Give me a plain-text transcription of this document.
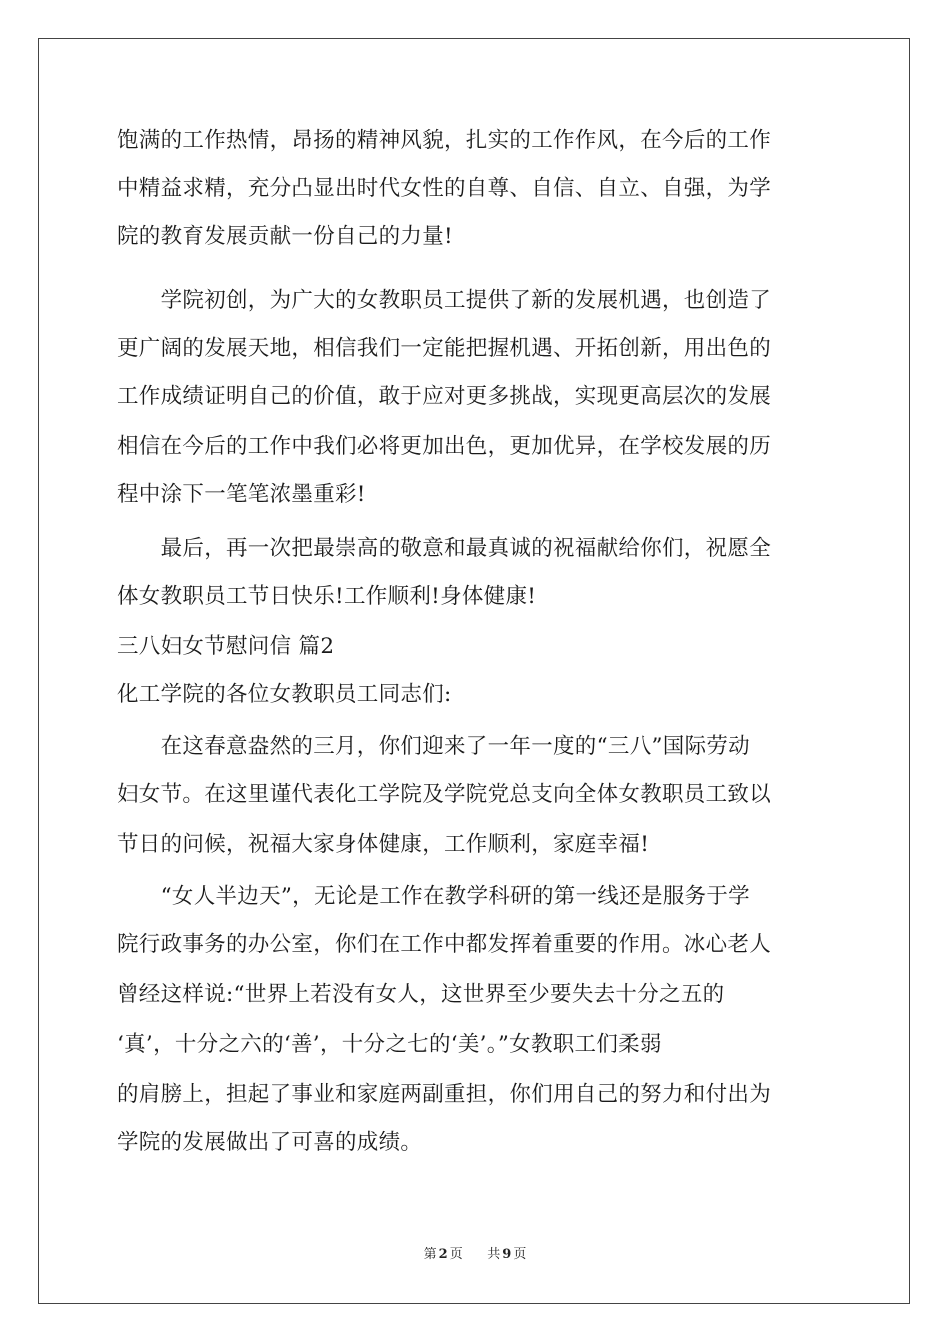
饱满的工作热情，昂扬的精神风貌，扎实的工作作风，在今后的工作
中精益求精，充分凸显出时代女性的自尊、自信、自立、自强，为学
院的教育发展贡献一份自己的力量!
　　学院初创，为广大的女教职员工提供了新的发展机遇，也创造了
更广阔的发展天地，相信我们一定能把握机遇、开拓创新，用出色的
工作成绩证明自己的价值，敢于应对更多挑战，实现更高层次的发展
相信在今后的工作中我们必将更加出色，更加优异，在学校发展的历
程中涂下一笔笔浓墨重彩!
　　最后，再一次把最崇高的敬意和最真诚的祝福献给你们，祝愿全
体女教职员工节日快乐!工作顺利!身体健康!
三八妇女节慰问信 篇2
化工学院的各位女教职员工同志们:
　　在这春意盎然的三月，你们迎来了一年一度的“三八”国际劳动
妇女节。在这里谨代表化工学院及学院党总支向全体女教职员工致以
节日的问候，祝福大家身体健康，工作顺利，家庭幸福!
　　“女人半边天”，无论是工作在教学科研的第一线还是服务于学
院行政事务的办公室，你们在工作中都发挥着重要的作用。冰心老人
曾经这样说:“世界上若没有女人，这世界至少要失去十分之五的
‘真’，十分之六的‘善’，十分之七的‘美’。”女教职工们柔弱
的肩膀上，担起了事业和家庭两副重担，你们用自己的努力和付出为
学院的发展做出了可喜的成绩。
第 2 页 共 9 页
